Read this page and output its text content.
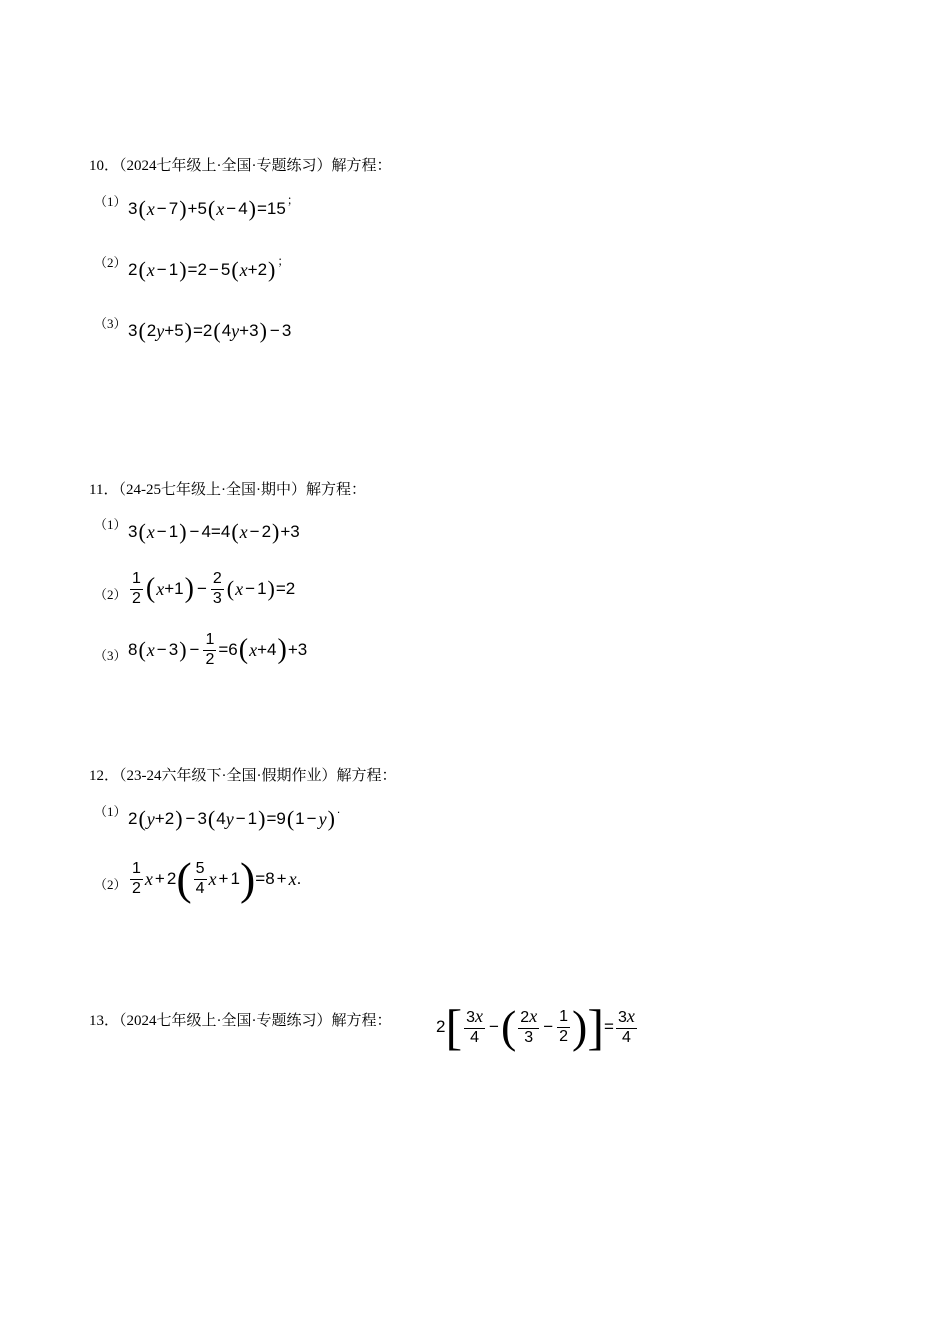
10．（2024七年级上·全国·专题练习）解方程：
（1） 3 ( x − 7 ) +5 ( x − 4 ) =15 ；
（2） 2 ( x − 1 ) =2 − 5 ( x +2 ) ；
（3） 3 ( 2 y +5 ) =2 ( 4 y +3 ) − 3
11．（24-25七年级上·全国·期中）解方程：
（1） 3 ( x − 1 ) − 4=4 ( x − 2 ) +3
$(2) \frac{1}{2}$ ( x +1 ) − $\frac{2}{3}$ ( x − 1 ) =2
（3） 8 ( x − 3 ) − $\frac{1}{2} =6$ ( x +4 ) +3
12．（23-24六年级下·全国·假期作业）解方程：
（1） 2 ( y +2 ) − 3 ( 4 y − 1 ) =9 ( 1 − y ) .
$(2) \frac{1}{2}$ x + 2 ( $\frac{5}{4}$ x + 1 ) =8 + x .
13．（2024七年级上·全国·专题练习）解方程：	2 [ $\frac{3x}{4}$ − ( $\frac{2x}{3} - \frac{1}{2}$ ) ] = $\frac{3x}{4}$
